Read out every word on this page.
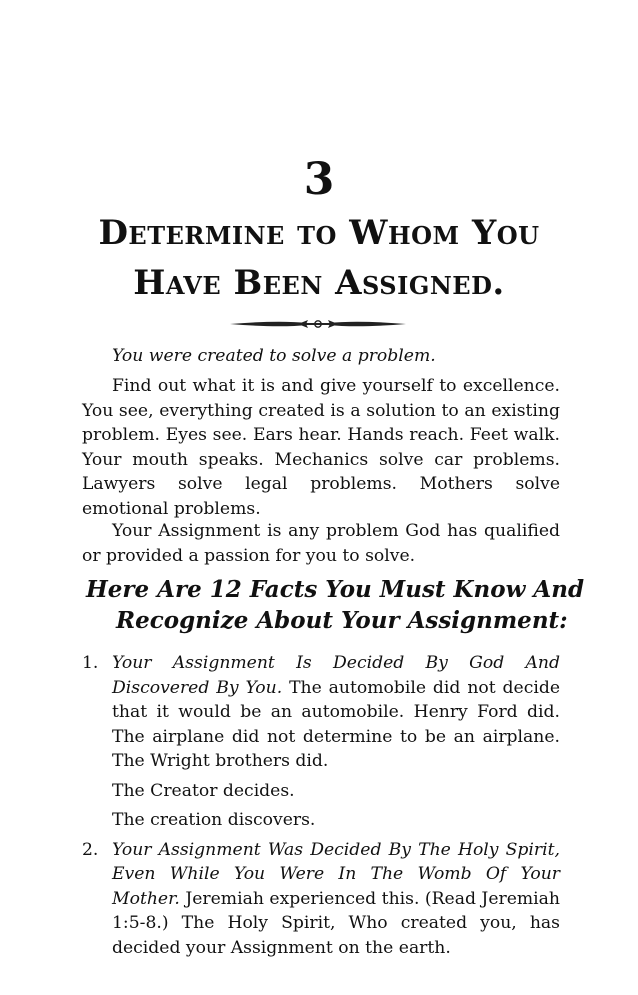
3
Determine to Whom You
Have Been Assigned.

You were created to solve a problem.

Find out what it is and give yourself to excellence. You see, everything created is a solution to an existing problem. Eyes see. Ears hear. Hands reach. Feet walk. Your mouth speaks. Mechanics solve car problems. Lawyers solve legal problems. Mothers solve emotional problems.

Your Assignment is any problem God has qualified or provided a passion for you to solve.

Here Are 12 Facts You Must Know And
Recognize About Your Assignment:
1. Your Assignment Is Decided By God And Discovered By You. The automobile did not decide that it would be an automobile. Henry Ford did. The airplane did not determine to be an airplane. The Wright brothers did.

The Creator decides.

The creation discovers.

2. Your Assignment Was Decided By The Holy Spirit, Even While You Were In The Womb Of Your Mother. Jeremiah experienced this. (Read Jeremiah 1:5-8.) The Holy Spirit, Who created you, has decided your Assignment on the earth.
